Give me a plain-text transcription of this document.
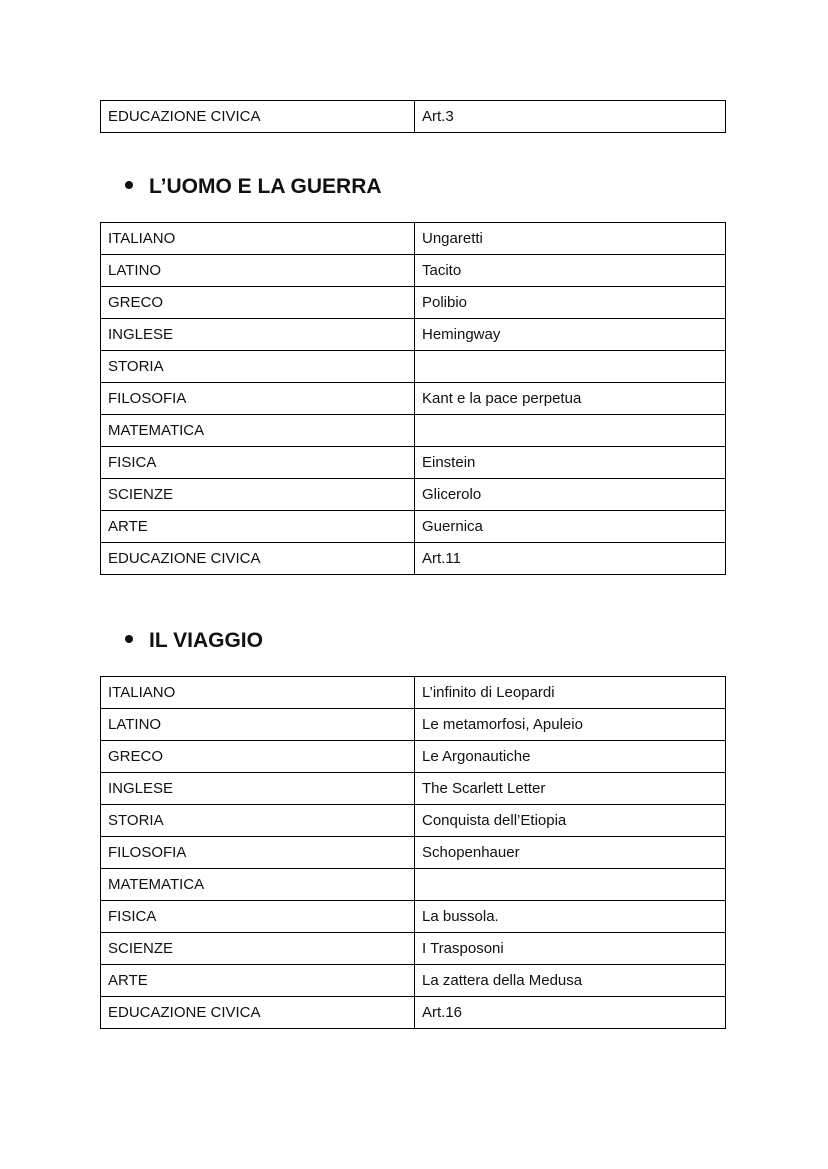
EDUCAZIONE CIVICA	Art.3
L’UOMO E LA GUERRA
ITALIANO	Ungaretti
LATINO	Tacito
GRECO	Polibio
INGLESE	Hemingway
STORIA	
FILOSOFIA	Kant e la pace perpetua
MATEMATICA	
FISICA	Einstein
SCIENZE	Glicerolo
ARTE	Guernica
EDUCAZIONE CIVICA	Art.11
IL VIAGGIO
ITALIANO	L’infinito di Leopardi
LATINO	Le metamorfosi, Apuleio
GRECO	Le Argonautiche
INGLESE	The Scarlett Letter
STORIA	Conquista dell’Etiopia
FILOSOFIA	Schopenhauer
MATEMATICA	
FISICA	La bussola.
SCIENZE	I Trasposoni
ARTE	La zattera della Medusa
EDUCAZIONE CIVICA	Art.16
